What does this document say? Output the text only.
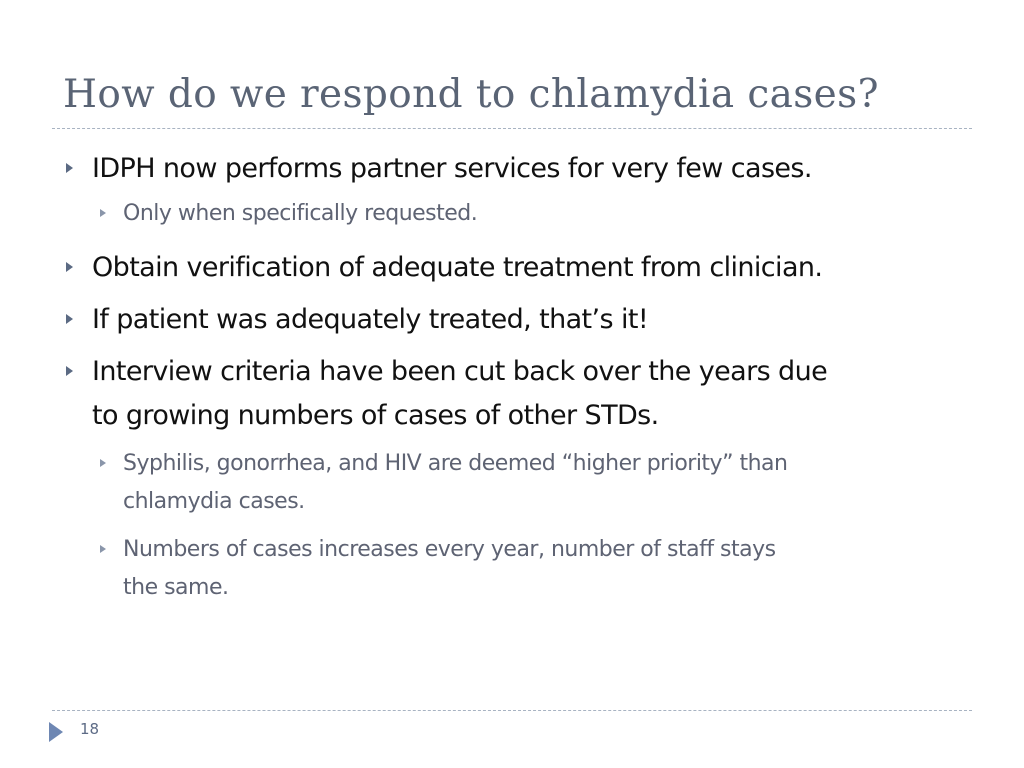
How do we respond to chlamydia cases?
IDPH now performs partner services for very few cases.
Only when specifically requested.
Obtain verification of adequate treatment from clinician.
If patient was adequately treated, that’s it!
Interview criteria have been cut back over the years due
to growing numbers of cases of other STDs.
Syphilis, gonorrhea, and HIV are deemed “higher priority” than
chlamydia cases.
Numbers of cases increases every year, number of staff stays
the same.
18
